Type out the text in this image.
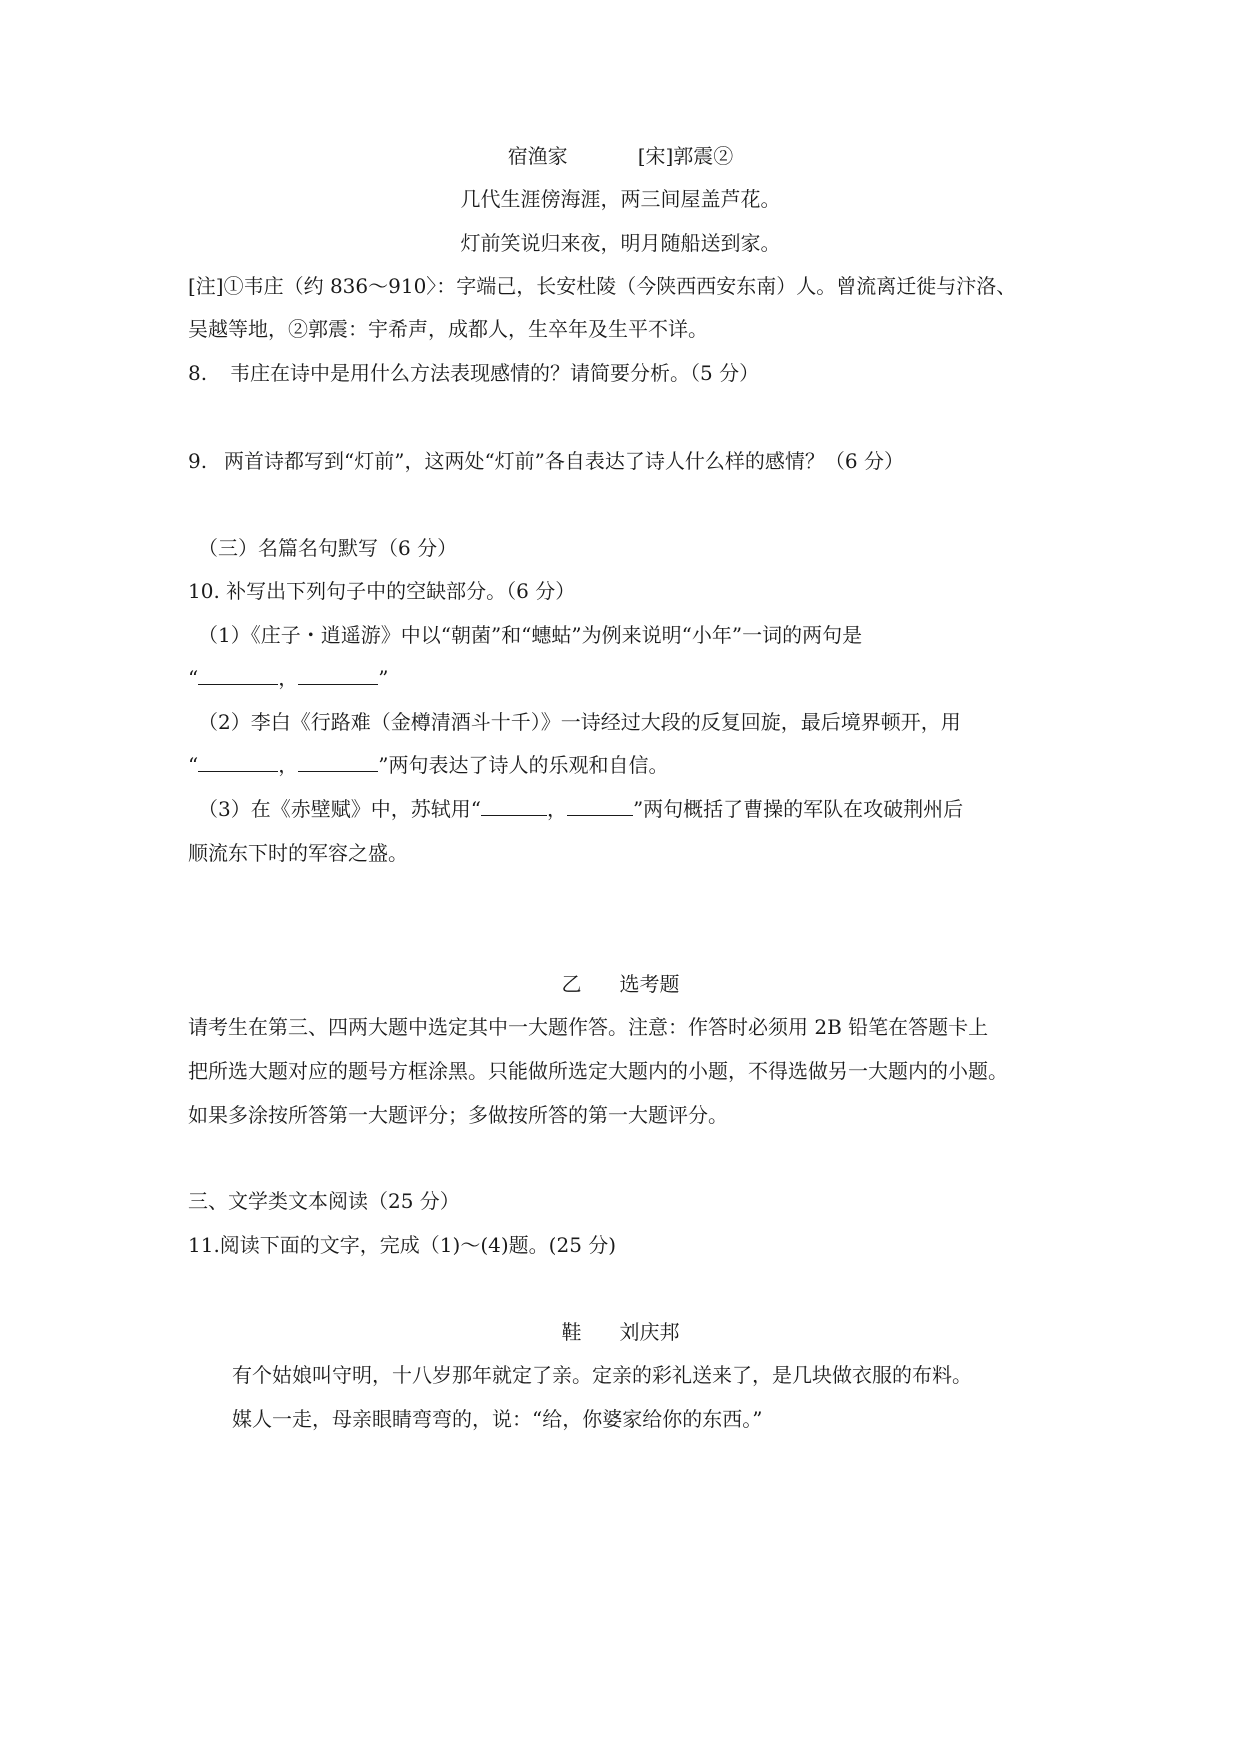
宿渔家	[宋]郭震②
几代生涯傍海涯，两三间屋盖芦花。
灯前笑说归来夜，明月随船送到家。
[注]①韦庄（约 836～910〉：字端己，长安杜陵（今陕西西安东南）人。曾流离迁徙与汴洛、
吴越等地，②郭震：宇希声，成都人，生卒年及生平不详。
8. 韦庄在诗中是用什么方法表现感情的？请简要分析。（5 分）
9. 两首诗都写到“灯前”，这两处“灯前”各自表达了诗人什么样的感情？（6 分）
（三）名篇名句默写（6 分）
10. 补写出下列句子中的空缺部分。（6 分）
（1）《庄子・逍遥游》中以“朝菌”和“蟪蛄”为例来说明“小年”一词的两句是
“	，	”
（2）李白《行路难（金樽清酒斗十千）》一诗经过大段的反复回旋，最后境界顿开，用
“	，	”两句表达了诗人的乐观和自信。
（3）在《赤壁赋》中，苏轼用“	，	”两句概括了曹操的军队在攻破荆州后
顺流东下时的军容之盛。
乙 选考题
请考生在第三、四两大题中选定其中一大题作答。注意：作答时必须用 2B 铅笔在答题卡上
把所选大题对应的题号方框涂黑。只能做所选定大题内的小题，不得选做另一大题内的小题。
如果多涂按所答第一大题评分；多做按所答的第一大题评分。
三、文学类文本阅读（25 分）
11.阅读下面的文字，完成（1)～(4)题。(25 分)
鞋 刘庆邦
有个姑娘叫守明，十八岁那年就定了亲。定亲的彩礼送来了，是几块做衣服的布料。
媒人一走，母亲眼睛弯弯的，说：“给，你婆家给你的东西。”
